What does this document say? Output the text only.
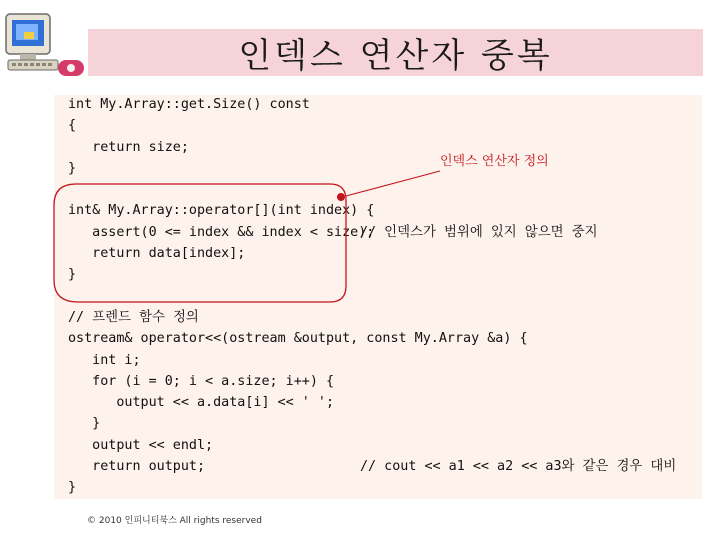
인덱스 연산자 중복
int My.Array::get.Size() const
{
return size;
}

int& My.Array::operator[](int index) {
assert(0 <= index && index < size);
return data[index];
}

// 프렌드 함수 정의
ostream& operator<<(ostream &output, const My.Array &a) {
int i;
for (i = 0; i < a.size; i++) {
output << a.data[i] << ' ';
}
output << endl;
return output;
}
// 인덱스가 범위에 있지 않으면 중지
// cout << a1 << a2 << a3와 같은 경우 대비
인덱스 연산자 정의
© 2010 인피니티북스 All rights reserved
